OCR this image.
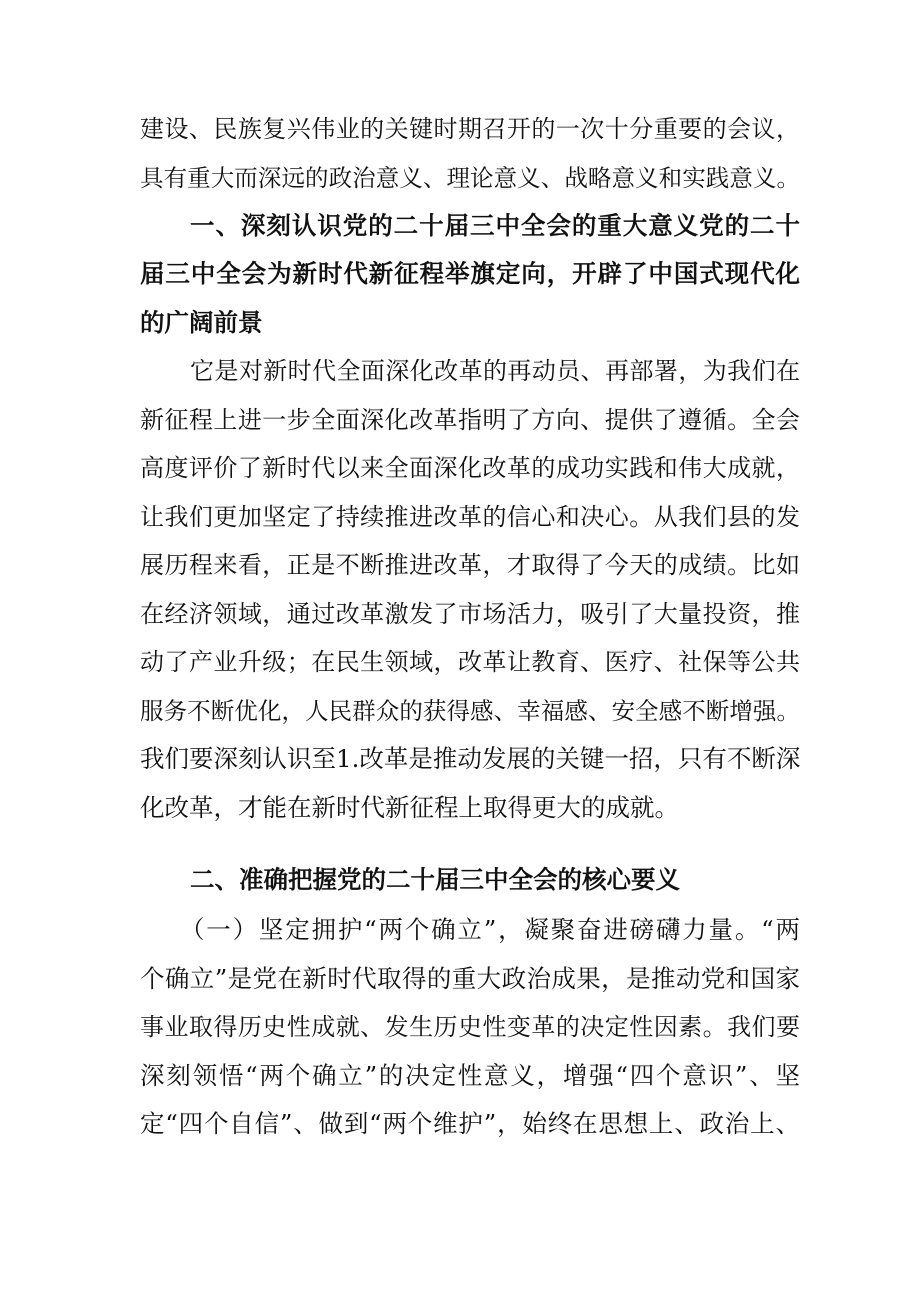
建设、民族复兴伟业的关键时期召开的一次十分重要的会议，
具有重大而深远的政治意义、理论意义、战略意义和实践意义。
一、深刻认识党的二十届三中全会的重大意义党的二十
届三中全会为新时代新征程举旗定向，开辟了中国式现代化
的广阔前景
它是对新时代全面深化改革的再动员、再部署，为我们在
新征程上进一步全面深化改革指明了方向、提供了遵循。全会
高度评价了新时代以来全面深化改革的成功实践和伟大成就，
让我们更加坚定了持续推进改革的信心和决心。从我们县的发
展历程来看，正是不断推进改革，才取得了今天的成绩。比如
在经济领域，通过改革激发了市场活力，吸引了大量投资，推
动了产业升级；在民生领域，改革让教育、医疗、社保等公共
服务不断优化，人民群众的获得感、幸福感、安全感不断增强。
我们要深刻认识至1.改革是推动发展的关键一招，只有不断深
化改革，才能在新时代新征程上取得更大的成就。
二、准确把握党的二十届三中全会的核心要义
（一）坚定拥护“两个确立”，凝聚奋进磅礴力量。“两
个确立”是党在新时代取得的重大政治成果，是推动党和国家
事业取得历史性成就、发生历史性变革的决定性因素。我们要
深刻领悟“两个确立”的决定性意义，增强“四个意识”、坚
定“四个自信”、做到“两个维护”，始终在思想上、政治上、
